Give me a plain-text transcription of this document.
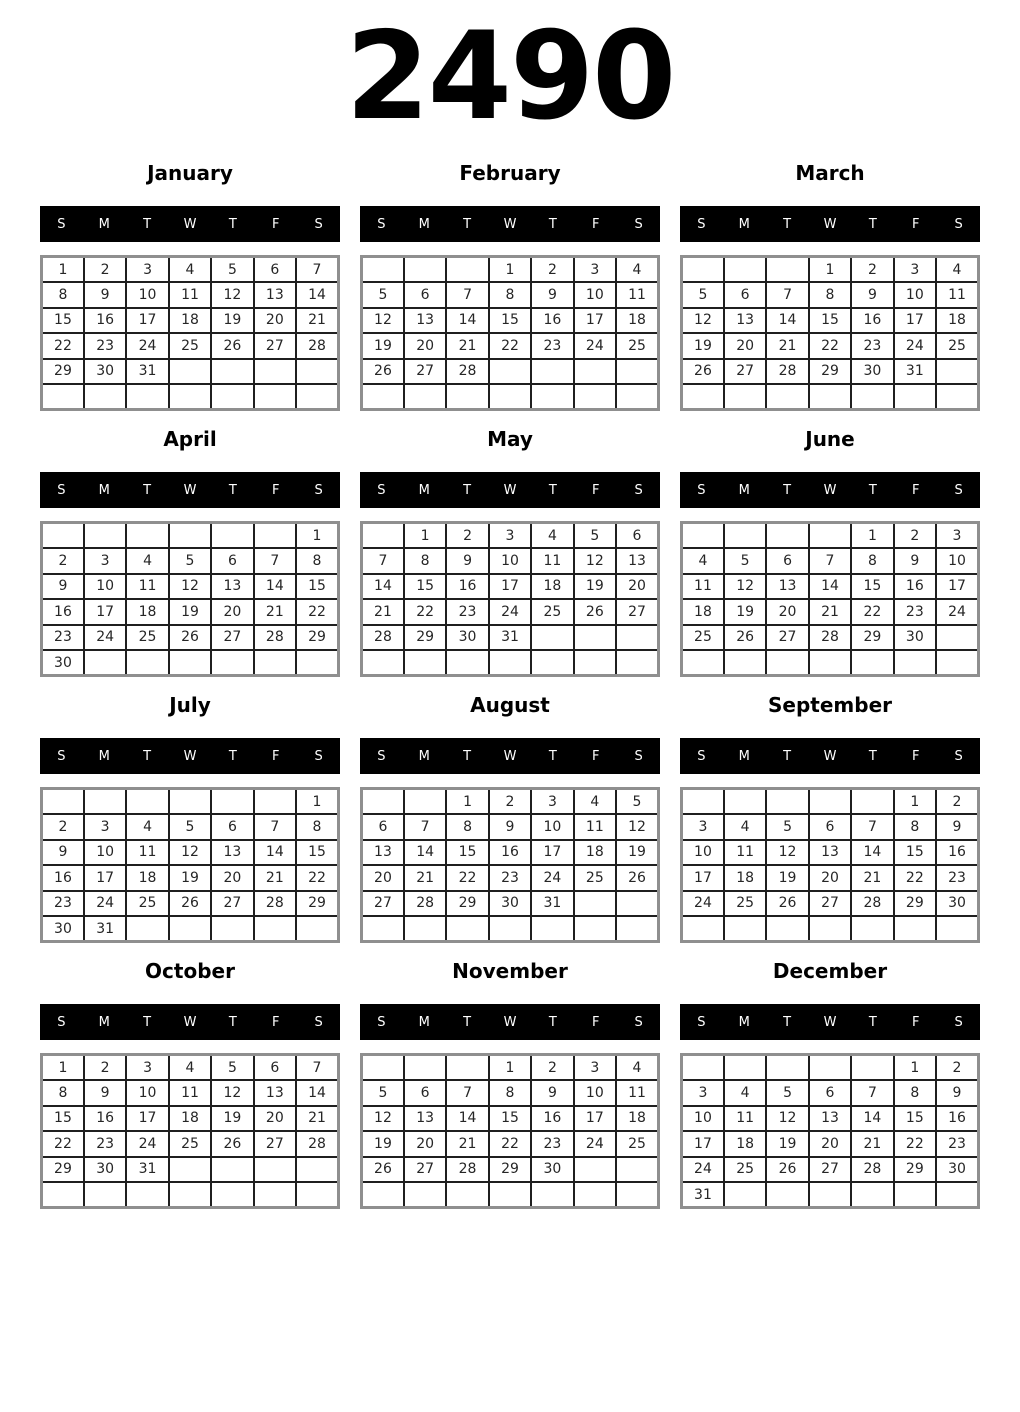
2490
January
S	M	T	W	T	F	S
1	2	3	4	5	6	7
8	9	10	11	12	13	14
15	16	17	18	19	20	21
22	23	24	25	26	27	28
29	30	31				

February
S	M	T	W	T	F	S
			1	2	3	4
5	6	7	8	9	10	11
12	13	14	15	16	17	18
19	20	21	22	23	24	25
26	27	28				

March
S	M	T	W	T	F	S
			1	2	3	4
5	6	7	8	9	10	11
12	13	14	15	16	17	18
19	20	21	22	23	24	25
26	27	28	29	30	31	

April
S	M	T	W	T	F	S
						1
2	3	4	5	6	7	8
9	10	11	12	13	14	15
16	17	18	19	20	21	22
23	24	25	26	27	28	29
30						
May
S	M	T	W	T	F	S
	1	2	3	4	5	6
7	8	9	10	11	12	13
14	15	16	17	18	19	20
21	22	23	24	25	26	27
28	29	30	31			

June
S	M	T	W	T	F	S
				1	2	3
4	5	6	7	8	9	10
11	12	13	14	15	16	17
18	19	20	21	22	23	24
25	26	27	28	29	30	

July
S	M	T	W	T	F	S
						1
2	3	4	5	6	7	8
9	10	11	12	13	14	15
16	17	18	19	20	21	22
23	24	25	26	27	28	29
30	31					
August
S	M	T	W	T	F	S
		1	2	3	4	5
6	7	8	9	10	11	12
13	14	15	16	17	18	19
20	21	22	23	24	25	26
27	28	29	30	31		

September
S	M	T	W	T	F	S
					1	2
3	4	5	6	7	8	9
10	11	12	13	14	15	16
17	18	19	20	21	22	23
24	25	26	27	28	29	30

October
S	M	T	W	T	F	S
1	2	3	4	5	6	7
8	9	10	11	12	13	14
15	16	17	18	19	20	21
22	23	24	25	26	27	28
29	30	31				

November
S	M	T	W	T	F	S
			1	2	3	4
5	6	7	8	9	10	11
12	13	14	15	16	17	18
19	20	21	22	23	24	25
26	27	28	29	30		

December
S	M	T	W	T	F	S
					1	2
3	4	5	6	7	8	9
10	11	12	13	14	15	16
17	18	19	20	21	22	23
24	25	26	27	28	29	30
31						
